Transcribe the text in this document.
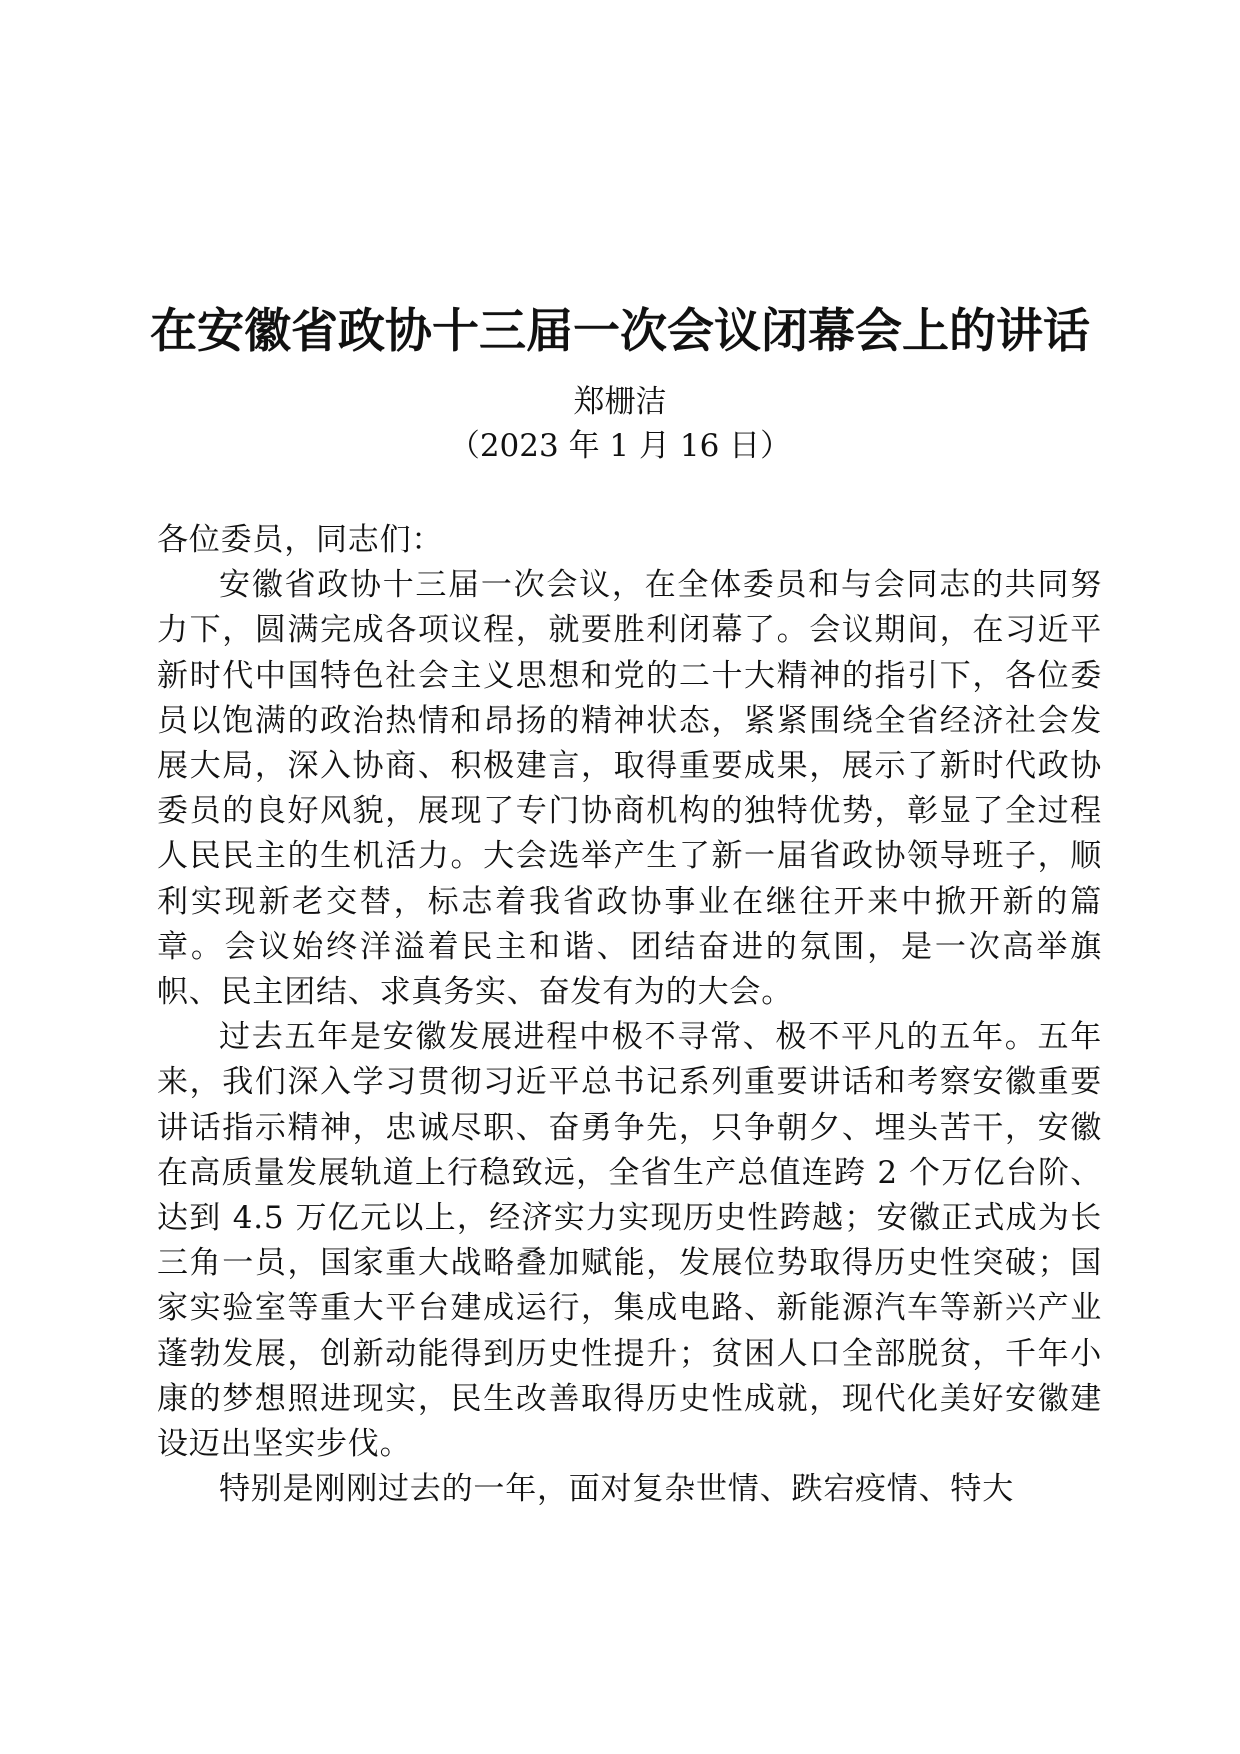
在安徽省政协十三届一次会议闭幕会上的讲话
郑栅洁
（2023 年 1 月 16 日）

各位委员，同志们：

安徽省政协十三届一次会议，在全体委员和与会同志的共同努力下，圆满完成各项议程，就要胜利闭幕了。会议期间，在习近平新时代中国特色社会主义思想和党的二十大精神的指引下，各位委员以饱满的政治热情和昂扬的精神状态，紧紧围绕全省经济社会发展大局，深入协商、积极建言，取得重要成果，展示了新时代政协委员的良好风貌，展现了专门协商机构的独特优势，彰显了全过程人民民主的生机活力。大会选举产生了新一届省政协领导班子，顺利实现新老交替，标志着我省政协事业在继往开来中掀开新的篇章。会议始终洋溢着民主和谐、团结奋进的氛围，是一次高举旗帜、民主团结、求真务实、奋发有为的大会。

过去五年是安徽发展进程中极不寻常、极不平凡的五年。五年来，我们深入学习贯彻习近平总书记系列重要讲话和考察安徽重要讲话指示精神，忠诚尽职、奋勇争先，只争朝夕、埋头苦干，安徽在高质量发展轨道上行稳致远，全省生产总值连跨 2 个万亿台阶、达到 4.5 万亿元以上，经济实力实现历史性跨越；安徽正式成为长三角一员，国家重大战略叠加赋能，发展位势取得历史性突破；国家实验室等重大平台建成运行，集成电路、新能源汽车等新兴产业蓬勃发展，创新动能得到历史性提升；贫困人口全部脱贫，千年小康的梦想照进现实，民生改善取得历史性成就，现代化美好安徽建设迈出坚实步伐。

特别是刚刚过去的一年，面对复杂世情、跌宕疫情、特大
